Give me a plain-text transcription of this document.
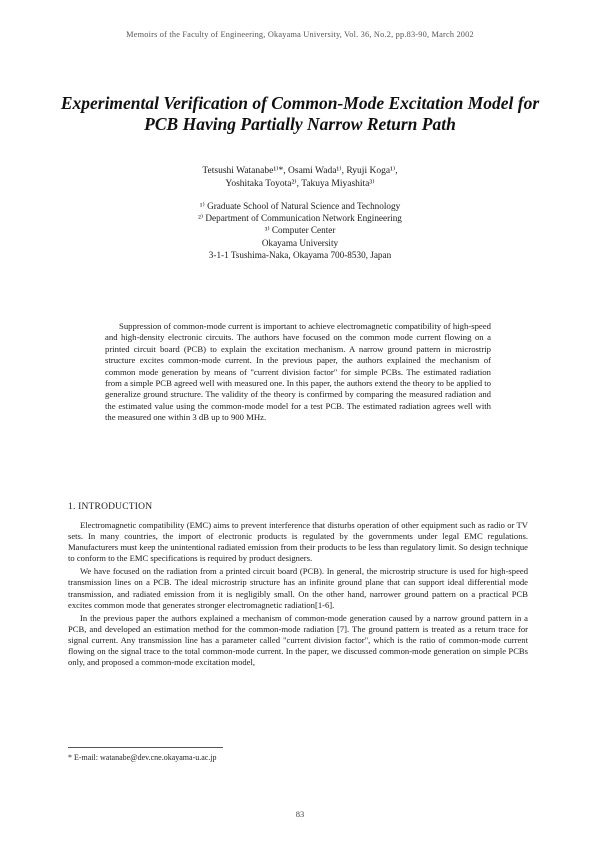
Memoirs of the Faculty of Engineering, Okayama University, Vol. 36, No.2, pp.83-90, March 2002
Experimental Verification of Common-Mode Excitation Model for
PCB Having Partially Narrow Return Path
Tetsushi Watanabe¹⁾*, Osami Wada¹⁾, Ryuji Koga¹⁾,
Yoshitaka Toyota²⁾, Takuya Miyashita³⁾
¹⁾ Graduate School of Natural Science and Technology
²⁾ Department of Communication Network Engineering
³⁾ Computer Center
Okayama University
3-1-1 Tsushima-Naka, Okayama 700-8530, Japan
Suppression of common-mode current is important to achieve electromagnetic compatibility of high-speed and high-density electronic circuits. The authors have focused on the common mode current flowing on a printed circuit board (PCB) to explain the excitation mechanism. A narrow ground pattern in microstrip structure excites common-mode current. In the previous paper, the authors explained the mechanism of common mode generation by means of "current division factor" for simple PCBs. The estimated radiation from a simple PCB agreed well with measured one. In this paper, the authors extend the theory to be applied to generalize ground structure. The validity of the theory is confirmed by comparing the measured radiation and the estimated value using the common-mode model for a test PCB. The estimated radiation agrees well with the measured one within 3 dB up to 900 MHz.
1. INTRODUCTION

Electromagnetic compatibility (EMC) aims to prevent interference that disturbs operation of other equipment such as radio or TV sets. In many countries, the import of electronic products is regulated by the governments under legal EMC regulations. Manufacturers must keep the unintentional radiated emission from their products to be less than regulatory limit. So design technique to conform to the EMC specifications is required by product designers.

We have focused on the radiation from a printed circuit board (PCB). In general, the microstrip structure is used for high-speed transmission lines on a PCB. The ideal microstrip structure has an infinite ground plane that can support ideal differential mode transmission, and radiated emission from it is negligibly small. On the other hand, narrower ground pattern on a practical PCB excites common mode that generates stronger electromagnetic radiation[1-6].

In the previous paper the authors explained a mechanism of common-mode generation caused by a narrow ground pattern in a PCB, and developed an estimation method for the common-mode radiation [7]. The ground pattern is treated as a return trace for signal current. Any transmission line has a parameter called "current division factor", which is the ratio of common-mode current flowing on the signal trace to the total common-mode current. In the paper, we discussed common-mode generation on simple PCBs only, and proposed a common-mode excitation model,

* E-mail: watanabe@dev.cne.okayama-u.ac.jp
83
